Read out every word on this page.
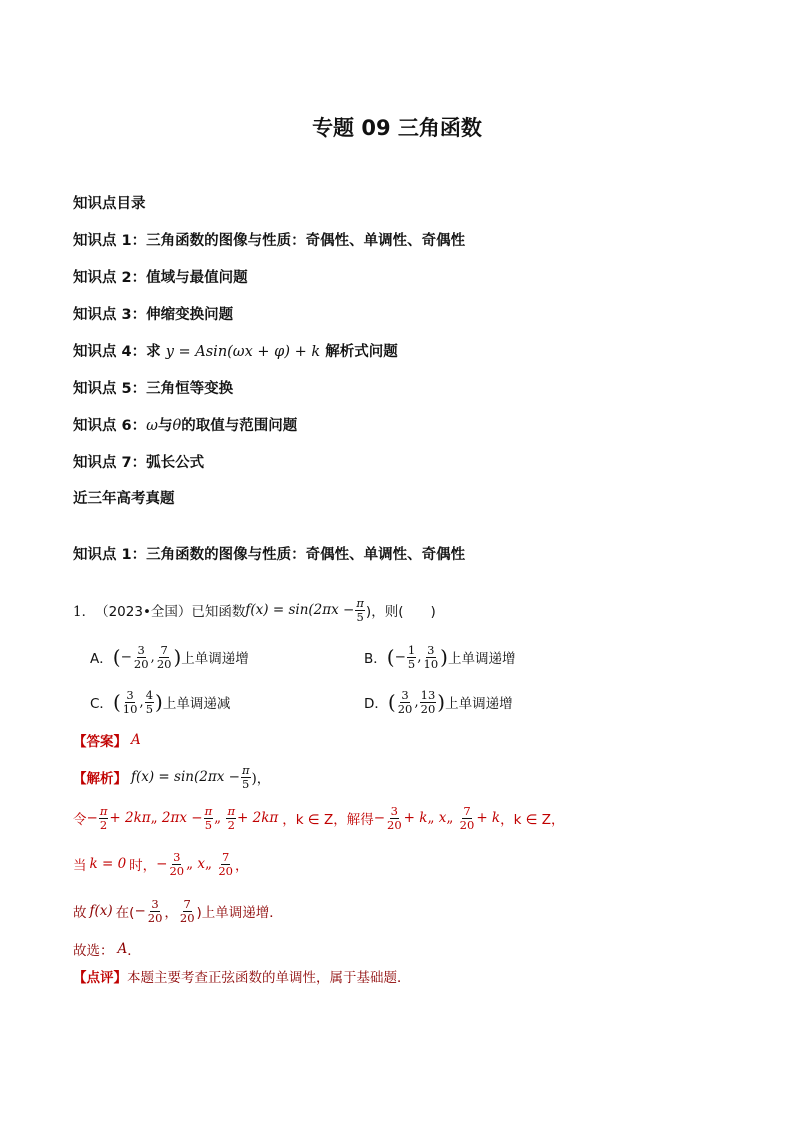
专题 09 三角函数
知识点目录
知识点 1：三角函数的图像与性质：奇偶性、单调性、奇偶性
知识点 2：值域与最值问题
知识点 3：伸缩变换问题
知识点 4：求 y = Asin(ωx + φ) + k 解析式问题
知识点 5：三角恒等变换
知识点 6：ω与θ的取值与范围问题
知识点 7：弧长公式
近三年高考真题
知识点 1：三角函数的图像与性质：奇偶性、单调性、奇偶性
1． （2023•全国） 已知函数 $f(x) = \sin(2\pi x - \frac{\pi}{5}$ )，则(　　)
A． ( − $\frac{3}{20}$ , $\frac{7}{20}$ ) 上单调递增	B． ( − $\frac{1}{5}$ , $\frac{3}{10}$ ) 上单调递增
C． ( $\frac{3}{10}$ , $\frac{4}{5}$ ) 上单调递减	D． ( $\frac{3}{20}$ , $\frac{13}{20}$ ) 上单调递增
【答案】 A
【解析】 $f(x) = \sin(2\pi x - \frac{\pi}{5}$ )，
令 − $\frac{\pi}{2} + 2k\pi$ „
$2\pi x - \frac{\pi}{5}$ „
$\frac{\pi}{2} + 2k\pi$ ，k ∈ Z，解得 − $\frac{3}{20} + k$ „
x „
$\frac{7}{20} + k$ ，k ∈ Z，
当 k = 0 时， − $\frac{3}{20}$ „
x „
$\frac{7}{20}$ ，
故 f(x) 在( − $\frac{3}{20}$ ， $\frac{7}{20}$ )上单调递增．
故选： A ．
【点评】 本题主要考查正弦函数的单调性，属于基础题．
